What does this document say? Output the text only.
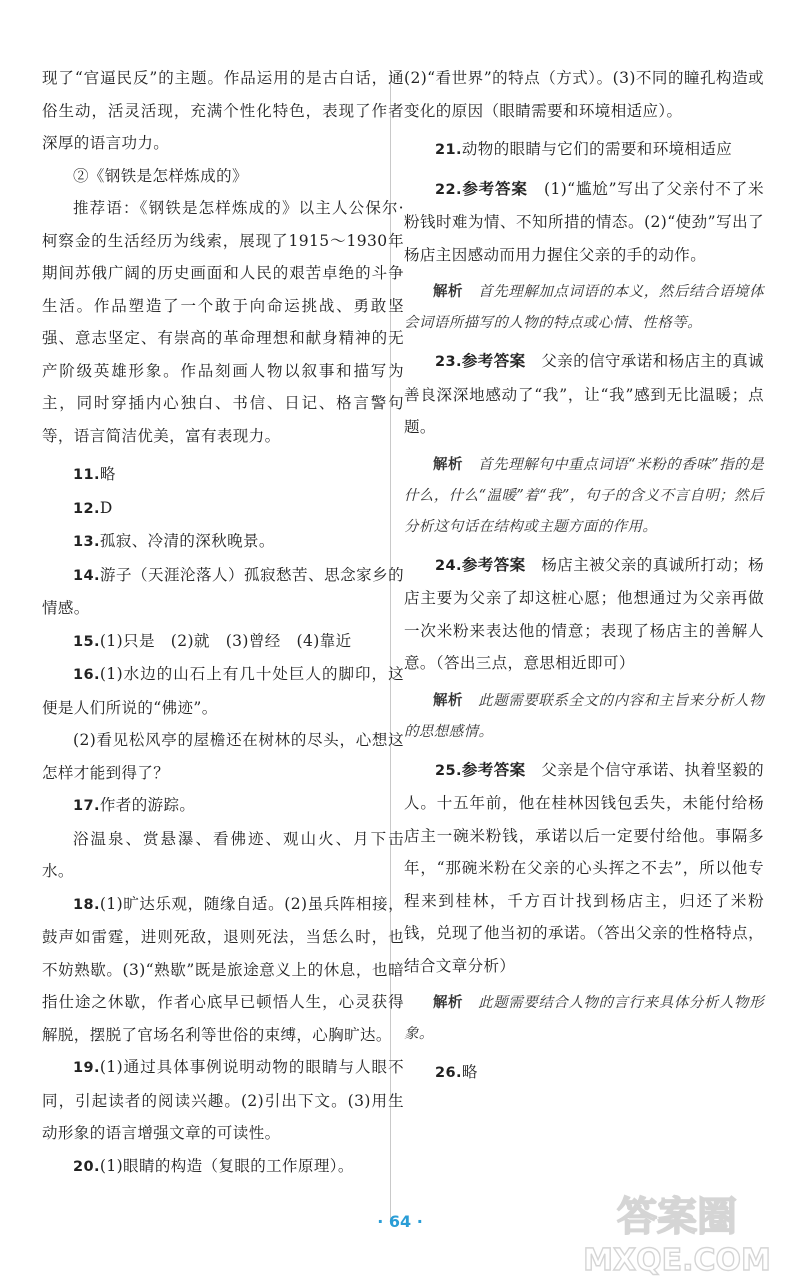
现了“官逼民反”的主题。作品运用的是古白话，通俗生动，活灵活现，充满个性化特色，表现了作者深厚的语言功力。

②《钢铁是怎样炼成的》

推荐语：《钢铁是怎样炼成的》以主人公保尔·柯察金的生活经历为线索，展现了1915～1930年期间苏俄广阔的历史画面和人民的艰苦卓绝的斗争生活。作品塑造了一个敢于向命运挑战、勇敢坚强、意志坚定、有崇高的革命理想和献身精神的无产阶级英雄形象。作品刻画人物以叙事和描写为主，同时穿插内心独白、书信、日记、格言警句等，语言简洁优美，富有表现力。

11.略

12.D

13.孤寂、冷清的深秋晚景。

14.游子（天涯沦落人）孤寂愁苦、思念家乡的情感。

15.(1)只是　(2)就　(3)曾经　(4)靠近

16.(1)水边的山石上有几十处巨人的脚印，这便是人们所说的“佛迹”。

(2)看见松风亭的屋檐还在树林的尽头，心想这怎样才能到得了？

17.作者的游踪。

浴温泉、赏悬瀑、看佛迹、观山火、月下击水。

18.(1)旷达乐观，随缘自适。(2)虽兵阵相接，鼓声如雷霆，进则死敌，退则死法，当恁么时，也不妨熟歇。(3)“熟歇”既是旅途意义上的休息，也暗指仕途之休歇，作者心底早已顿悟人生，心灵获得解脱，摆脱了官场名利等世俗的束缚，心胸旷达。

19.(1)通过具体事例说明动物的眼睛与人眼不同，引起读者的阅读兴趣。(2)引出下文。(3)用生动形象的语言增强文章的可读性。

20.(1)眼睛的构造（复眼的工作原理）。

(2)“看世界”的特点（方式）。(3)不同的瞳孔构造或变化的原因（眼睛需要和环境相适应）。

21.动物的眼睛与它们的需要和环境相适应

22.参考答案　 (1)“尴尬”写出了父亲付不了米粉钱时难为情、不知所措的情态。(2)“使劲”写出了杨店主因感动而用力握住父亲的手的动作。

解析　 首先理解加点词语的本义，然后结合语境体会词语所描写的人物的特点或心情、性格等。

23.参考答案　 父亲的信守承诺和杨店主的真诚善良深深地感动了“我”，让“我”感到无比温暖；点题。

解析　 首先理解句中重点词语“米粉的香味”指的是什么，什么“温暖”着“我”，句子的含义不言自明；然后分析这句话在结构或主题方面的作用。

24.参考答案　 杨店主被父亲的真诚所打动；杨店主要为父亲了却这桩心愿；他想通过为父亲再做一次米粉来表达他的情意；表现了杨店主的善解人意。（答出三点，意思相近即可）

解析　 此题需要联系全文的内容和主旨来分析人物的思想感情。

25.参考答案　 父亲是个信守承诺、执着坚毅的人。十五年前，他在桂林因钱包丢失，未能付给杨店主一碗米粉钱，承诺以后一定要付给他。事隔多年，“那碗米粉在父亲的心头挥之不去”，所以他专程来到桂林，千方百计找到杨店主，归还了米粉钱，兑现了他当初的承诺。（答出父亲的性格特点，结合文章分析）

解析　 此题需要结合人物的言行来具体分析人物形象。

26.略

· 64 ·	答案圈
MXQE.COM
